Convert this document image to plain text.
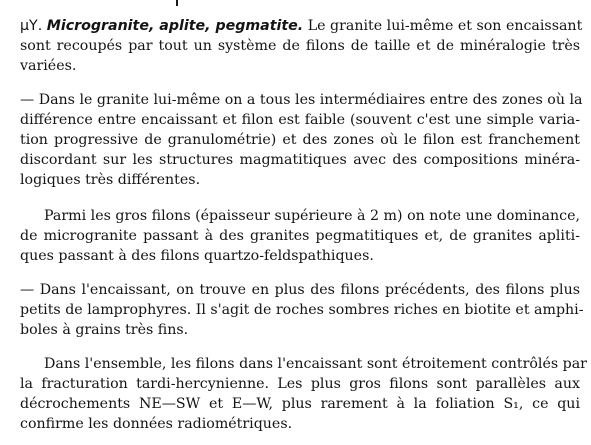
μΥ. Microgranite, aplite, pegmatite. Le granite lui-même et son encaissant
sont recoupés par tout un système de filons de taille et de minéralogie très
variées.
— Dans le granite lui-même on a tous les intermédiaires entre des zones où la
différence entre encaissant et filon est faible (souvent c'est une simple varia-
tion progressive de granulométrie) et des zones où le filon est franchement
discordant sur les structures magmatitiques avec des compositions minéra-
logiques très différentes.
Parmi les gros filons (épaisseur supérieure à 2 m) on note une dominance,
de microgranite passant à des granites pegmatitiques et, de granites apliti-
ques passant à des filons quartzo-feldspathiques.
— Dans l'encaissant, on trouve en plus des filons précédents, des filons plus
petits de lamprophyres. Il s'agit de roches sombres riches en biotite et amphi-
boles à grains très fins.
Dans l'ensemble, les filons dans l'encaissant sont étroitement contrôlés par
la fracturation tardi-hercynienne. Les plus gros filons sont parallèles aux
décrochements NE—SW et E—W, plus rarement à la foliation S₁, ce qui
confirme les données radiométriques.
